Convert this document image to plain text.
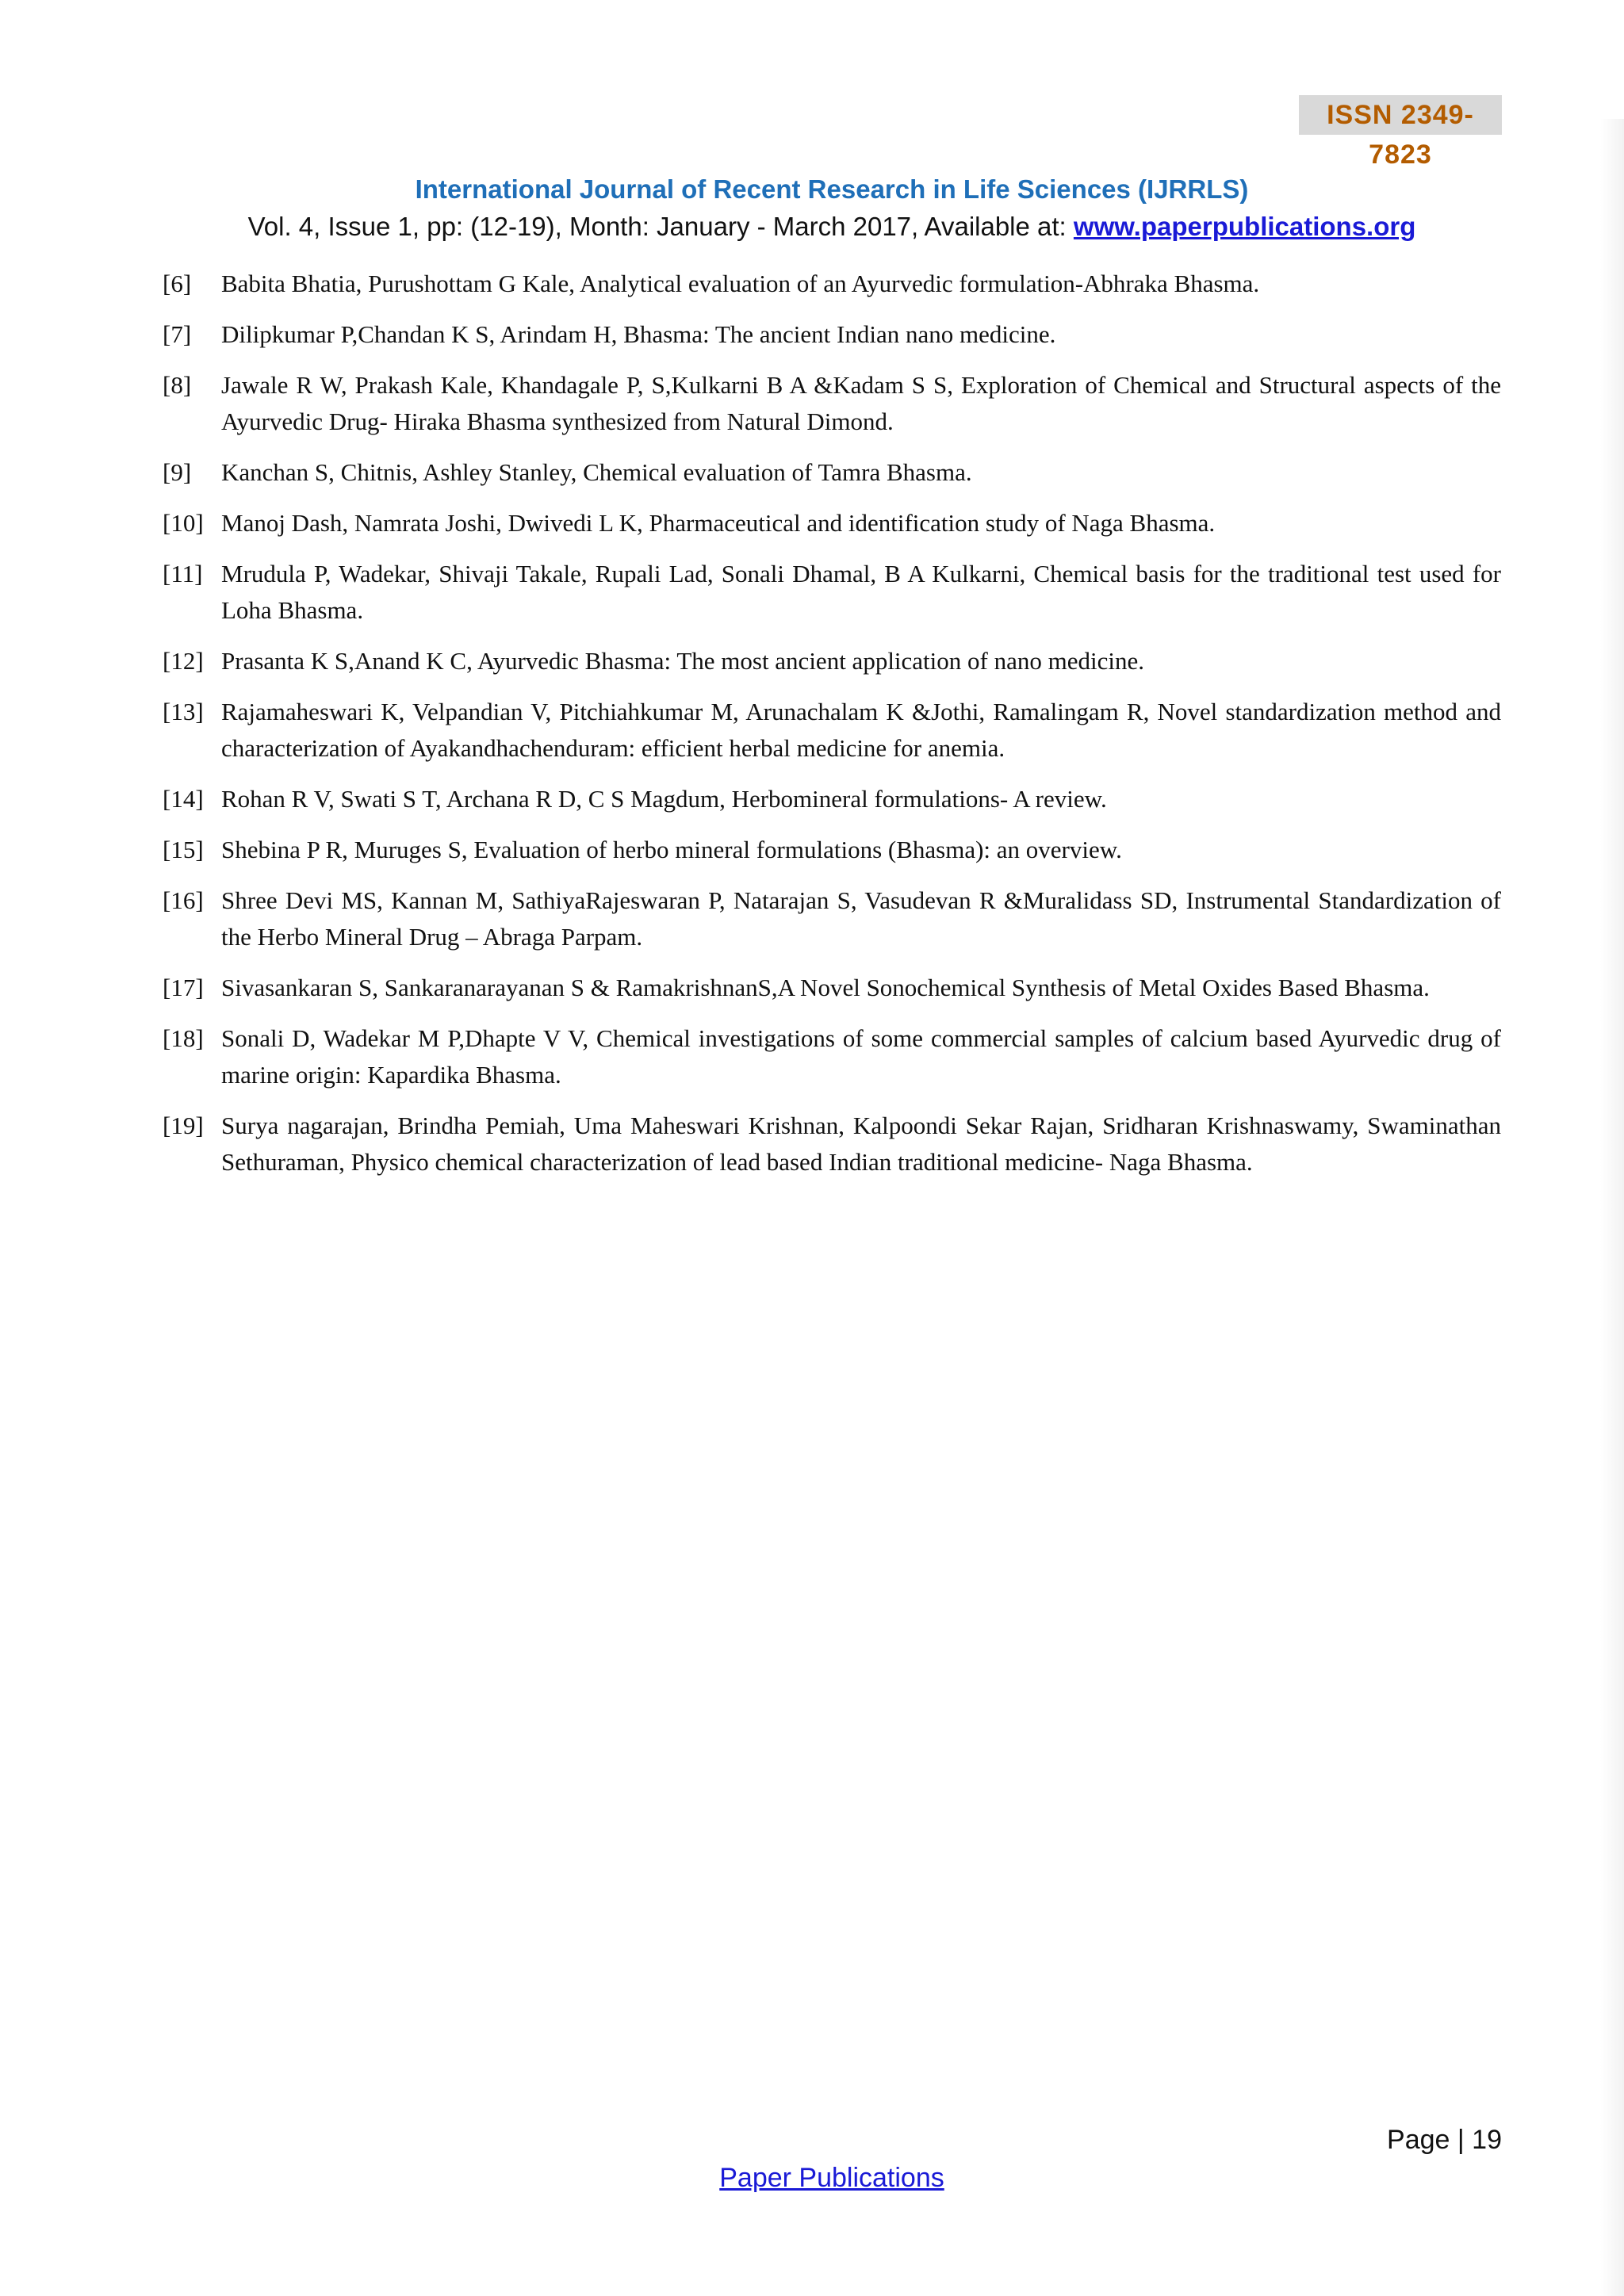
ISSN 2349-7823
International Journal of Recent Research in Life Sciences (IJRRLS)
Vol. 4, Issue 1, pp: (12-19), Month: January - March 2017, Available at: www.paperpublications.org
[6] Babita Bhatia, Purushottam G Kale, Analytical evaluation of an Ayurvedic formulation-Abhraka Bhasma.
[7] Dilipkumar P,Chandan K S, Arindam H, Bhasma: The ancient Indian nano medicine.
[8] Jawale R W, Prakash Kale, Khandagale P, S,Kulkarni B A &Kadam S S, Exploration of Chemical and Structural aspects of the Ayurvedic Drug- Hiraka Bhasma synthesized from Natural Dimond.
[9] Kanchan S, Chitnis, Ashley Stanley, Chemical evaluation of Tamra Bhasma.
[10] Manoj Dash, Namrata Joshi, Dwivedi L K, Pharmaceutical and identification study of Naga Bhasma.
[11] Mrudula P, Wadekar, Shivaji Takale, Rupali Lad, Sonali Dhamal, B A Kulkarni, Chemical basis for the traditional test used for Loha Bhasma.
[12] Prasanta K S,Anand K C, Ayurvedic Bhasma: The most ancient application of nano medicine.
[13] Rajamaheswari K, Velpandian V, Pitchiahkumar M, Arunachalam K &Jothi, Ramalingam R, Novel standardization method and characterization of Ayakandhachenduram: efficient herbal medicine for anemia.
[14] Rohan R V, Swati S T, Archana R D, C S Magdum, Herbomineral formulations- A review.
[15] Shebina P R, Muruges S, Evaluation of herbo mineral formulations (Bhasma): an overview.
[16] Shree Devi MS, Kannan M, SathiyaRajeswaran P, Natarajan S, Vasudevan R &Muralidass SD, Instrumental Standardization of the Herbo Mineral Drug – Abraga Parpam.
[17] Sivasankaran S, Sankaranarayanan S & RamakrishnanS,A Novel Sonochemical Synthesis of Metal Oxides Based Bhasma.
[18] Sonali D, Wadekar M P,Dhapte V V, Chemical investigations of some commercial samples of calcium based Ayurvedic drug of marine origin: Kapardika Bhasma.
[19] Surya nagarajan, Brindha Pemiah, Uma Maheswari Krishnan, Kalpoondi Sekar Rajan, Sridharan Krishnaswamy, Swaminathan Sethuraman, Physico chemical characterization of lead based Indian traditional medicine- Naga Bhasma.
Page | 19
Paper Publications
